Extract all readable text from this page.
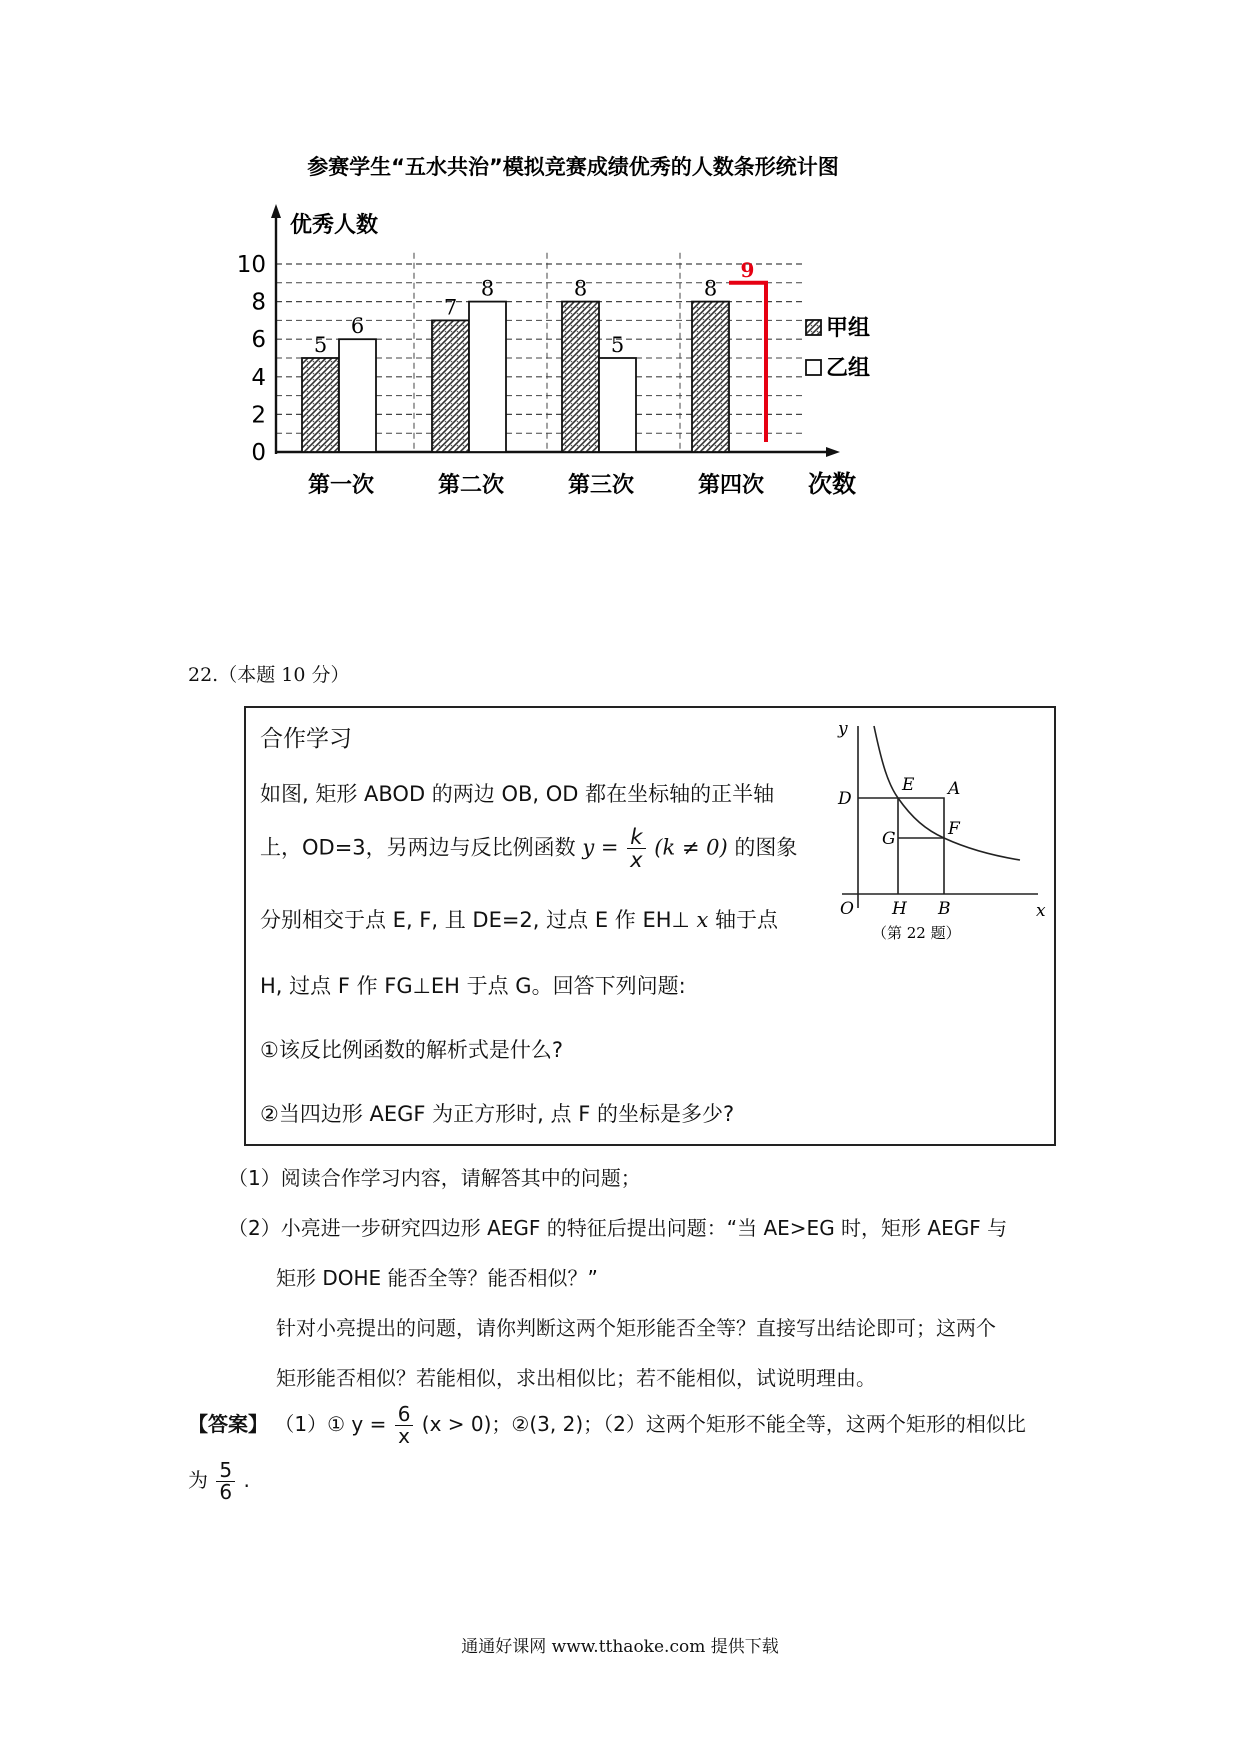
参赛学生“五水共治”模拟竞赛成绩优秀的人数条形统计图
优秀人数
次数
0
2
4
6
8
10
5
6
7
8	8
5
8
9
第一次	第二次	第三次	第四次
甲组
乙组
22.（本题 10 分）
合作学习
如图, 矩形 ABOD 的两边 OB, OD 都在坐标轴的正半轴
上，OD=3，另两边与反比例函数 $y = \frac{k}{x} (k \ne 0)$ 的图象
分别相交于点 E, F, 且 DE=2, 过点 E 作 EH⊥ x 轴于点
H, 过点 F 作 FG⊥EH 于点 G。回答下列问题:
①该反比例函数的解析式是什么?
②当四边形 AEGF 为正方形时, 点 F 的坐标是多少?
y
x
O
D
E A
F
G
H B
（第 22 题）
（1）阅读合作学习内容，请解答其中的问题；
（2）小亮进一步研究四边形 AEGF 的特征后提出问题：“当 AE>EG 时，矩形 AEGF 与
矩形 DOHE 能否全等？能否相似？”
针对小亮提出的问题，请你判断这两个矩形能否全等？直接写出结论即可；这两个
矩形能否相似？若能相似，求出相似比；若不能相似，试说明理由。
【答案】 （1）① $y = \frac{6}{x} (x > 0)$；②(3, 2)；（2）这两个矩形不能全等，这两个矩形的相似比
为 $\frac{5}{6}$ .
通通好课网 www.tthaoke.com 提供下载
